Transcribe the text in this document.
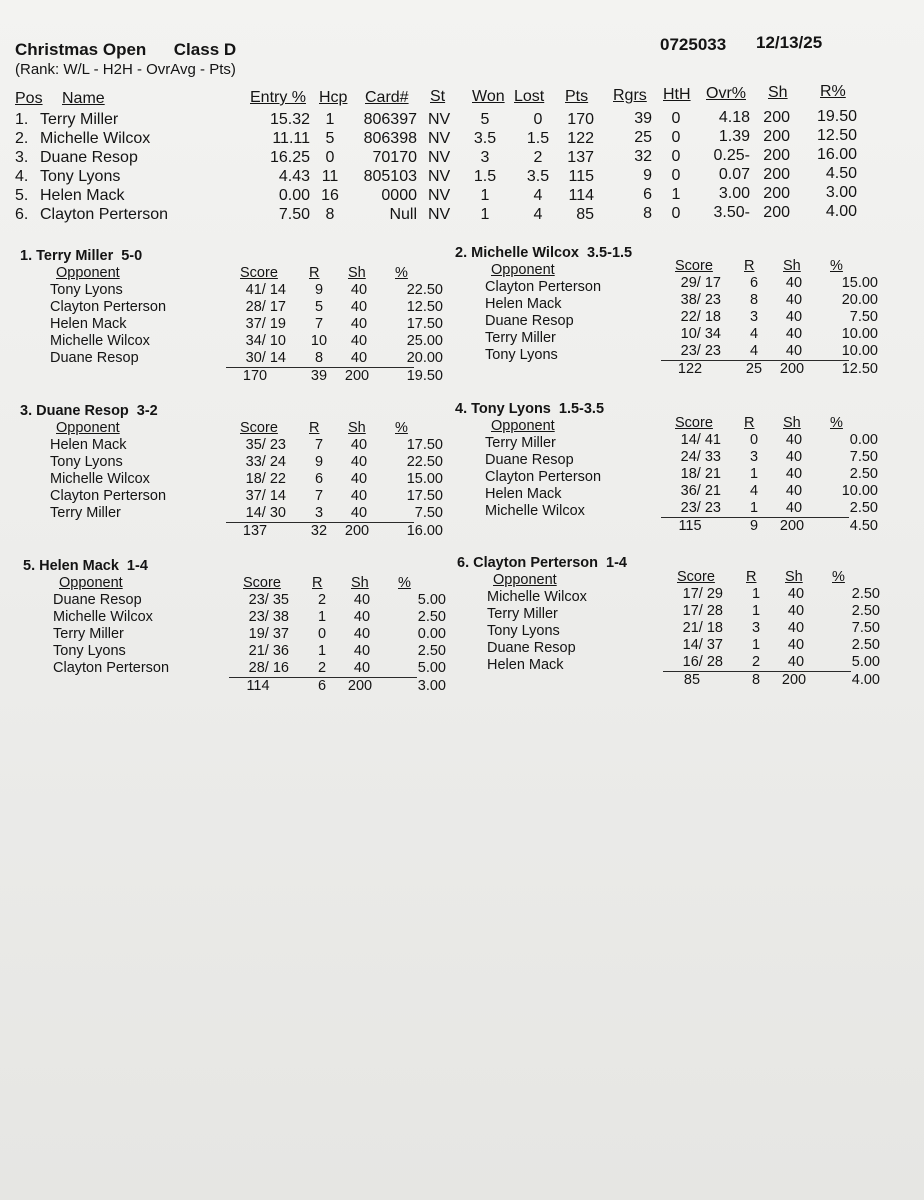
Christmas Open Class D	0725033 12/13/25
(Rank: W/L - H2H - OvrAvg - Pts)
Pos Name	Entry % Hcp Card# St Won Lost Pts Rgrs HtH Ovr% Sh R%
1. Terry Miller	15.32 1	806397 NV	5	0	170	39	0	4.18 200	19.50
2. Michelle Wilcox	11.11 5	806398 NV	3.5	1.5	122	25	0	1.39 200	12.50
3. Duane Resop	16.25 0	70170 NV	3	2	137	32	0	0.25- 200	16.00
4. Tony Lyons	4.43 11	805103 NV	1.5	3.5	115	9	0	0.07 200	4.50
5. Helen Mack	0.00 16	0000 NV	1	4	114	6	1	3.00 200	3.00
6. Clayton Perterson	7.50 8	Null NV	1	4	85	8	0	3.50- 200	4.00
1. Terry Miller 5-0
Opponent	Score R Sh %
Tony Lyons	41/ 14	9	40	22.50
Clayton Perterson	28/ 17	5	40	12.50
Helen Mack	37/ 19	7	40	17.50
Michelle Wilcox	34/ 10	10	40	25.00
Duane Resop	30/ 14	8	40	20.00
170	39	200	19.50
2. Michelle Wilcox 3.5-1.5
Opponent	Score R Sh %
Clayton Perterson	29/ 17	6	40	15.00
Helen Mack	38/ 23	8	40	20.00
Duane Resop	22/ 18	3	40	7.50
Terry Miller	10/ 34	4	40	10.00
Tony Lyons	23/ 23	4	40	10.00
122	25	200	12.50
3. Duane Resop 3-2
Opponent	Score R Sh %
Helen Mack	35/ 23	7	40	17.50
Tony Lyons	33/ 24	9	40	22.50
Michelle Wilcox	18/ 22	6	40	15.00
Clayton Perterson	37/ 14	7	40	17.50
Terry Miller	14/ 30	3	40	7.50
137	32	200	16.00
4. Tony Lyons 1.5-3.5
Opponent	Score R Sh %
Terry Miller	14/ 41	0	40	0.00
Duane Resop	24/ 33	3	40	7.50
Clayton Perterson	18/ 21	1	40	2.50
Helen Mack	36/ 21	4	40	10.00
Michelle Wilcox	23/ 23	1	40	2.50
115	9	200	4.50
5. Helen Mack 1-4
Opponent	Score R Sh %
Duane Resop	23/ 35	2	40	5.00
Michelle Wilcox	23/ 38	1	40	2.50
Terry Miller	19/ 37	0	40	0.00
Tony Lyons	21/ 36	1	40	2.50
Clayton Perterson	28/ 16	2	40	5.00
114	6	200	3.00
6. Clayton Perterson 1-4
Opponent	Score R Sh %
Michelle Wilcox	17/ 29	1	40	2.50
Terry Miller	17/ 28	1	40	2.50
Tony Lyons	21/ 18	3	40	7.50
Duane Resop	14/ 37	1	40	2.50
Helen Mack	16/ 28	2	40	5.00
85	8	200	4.00
